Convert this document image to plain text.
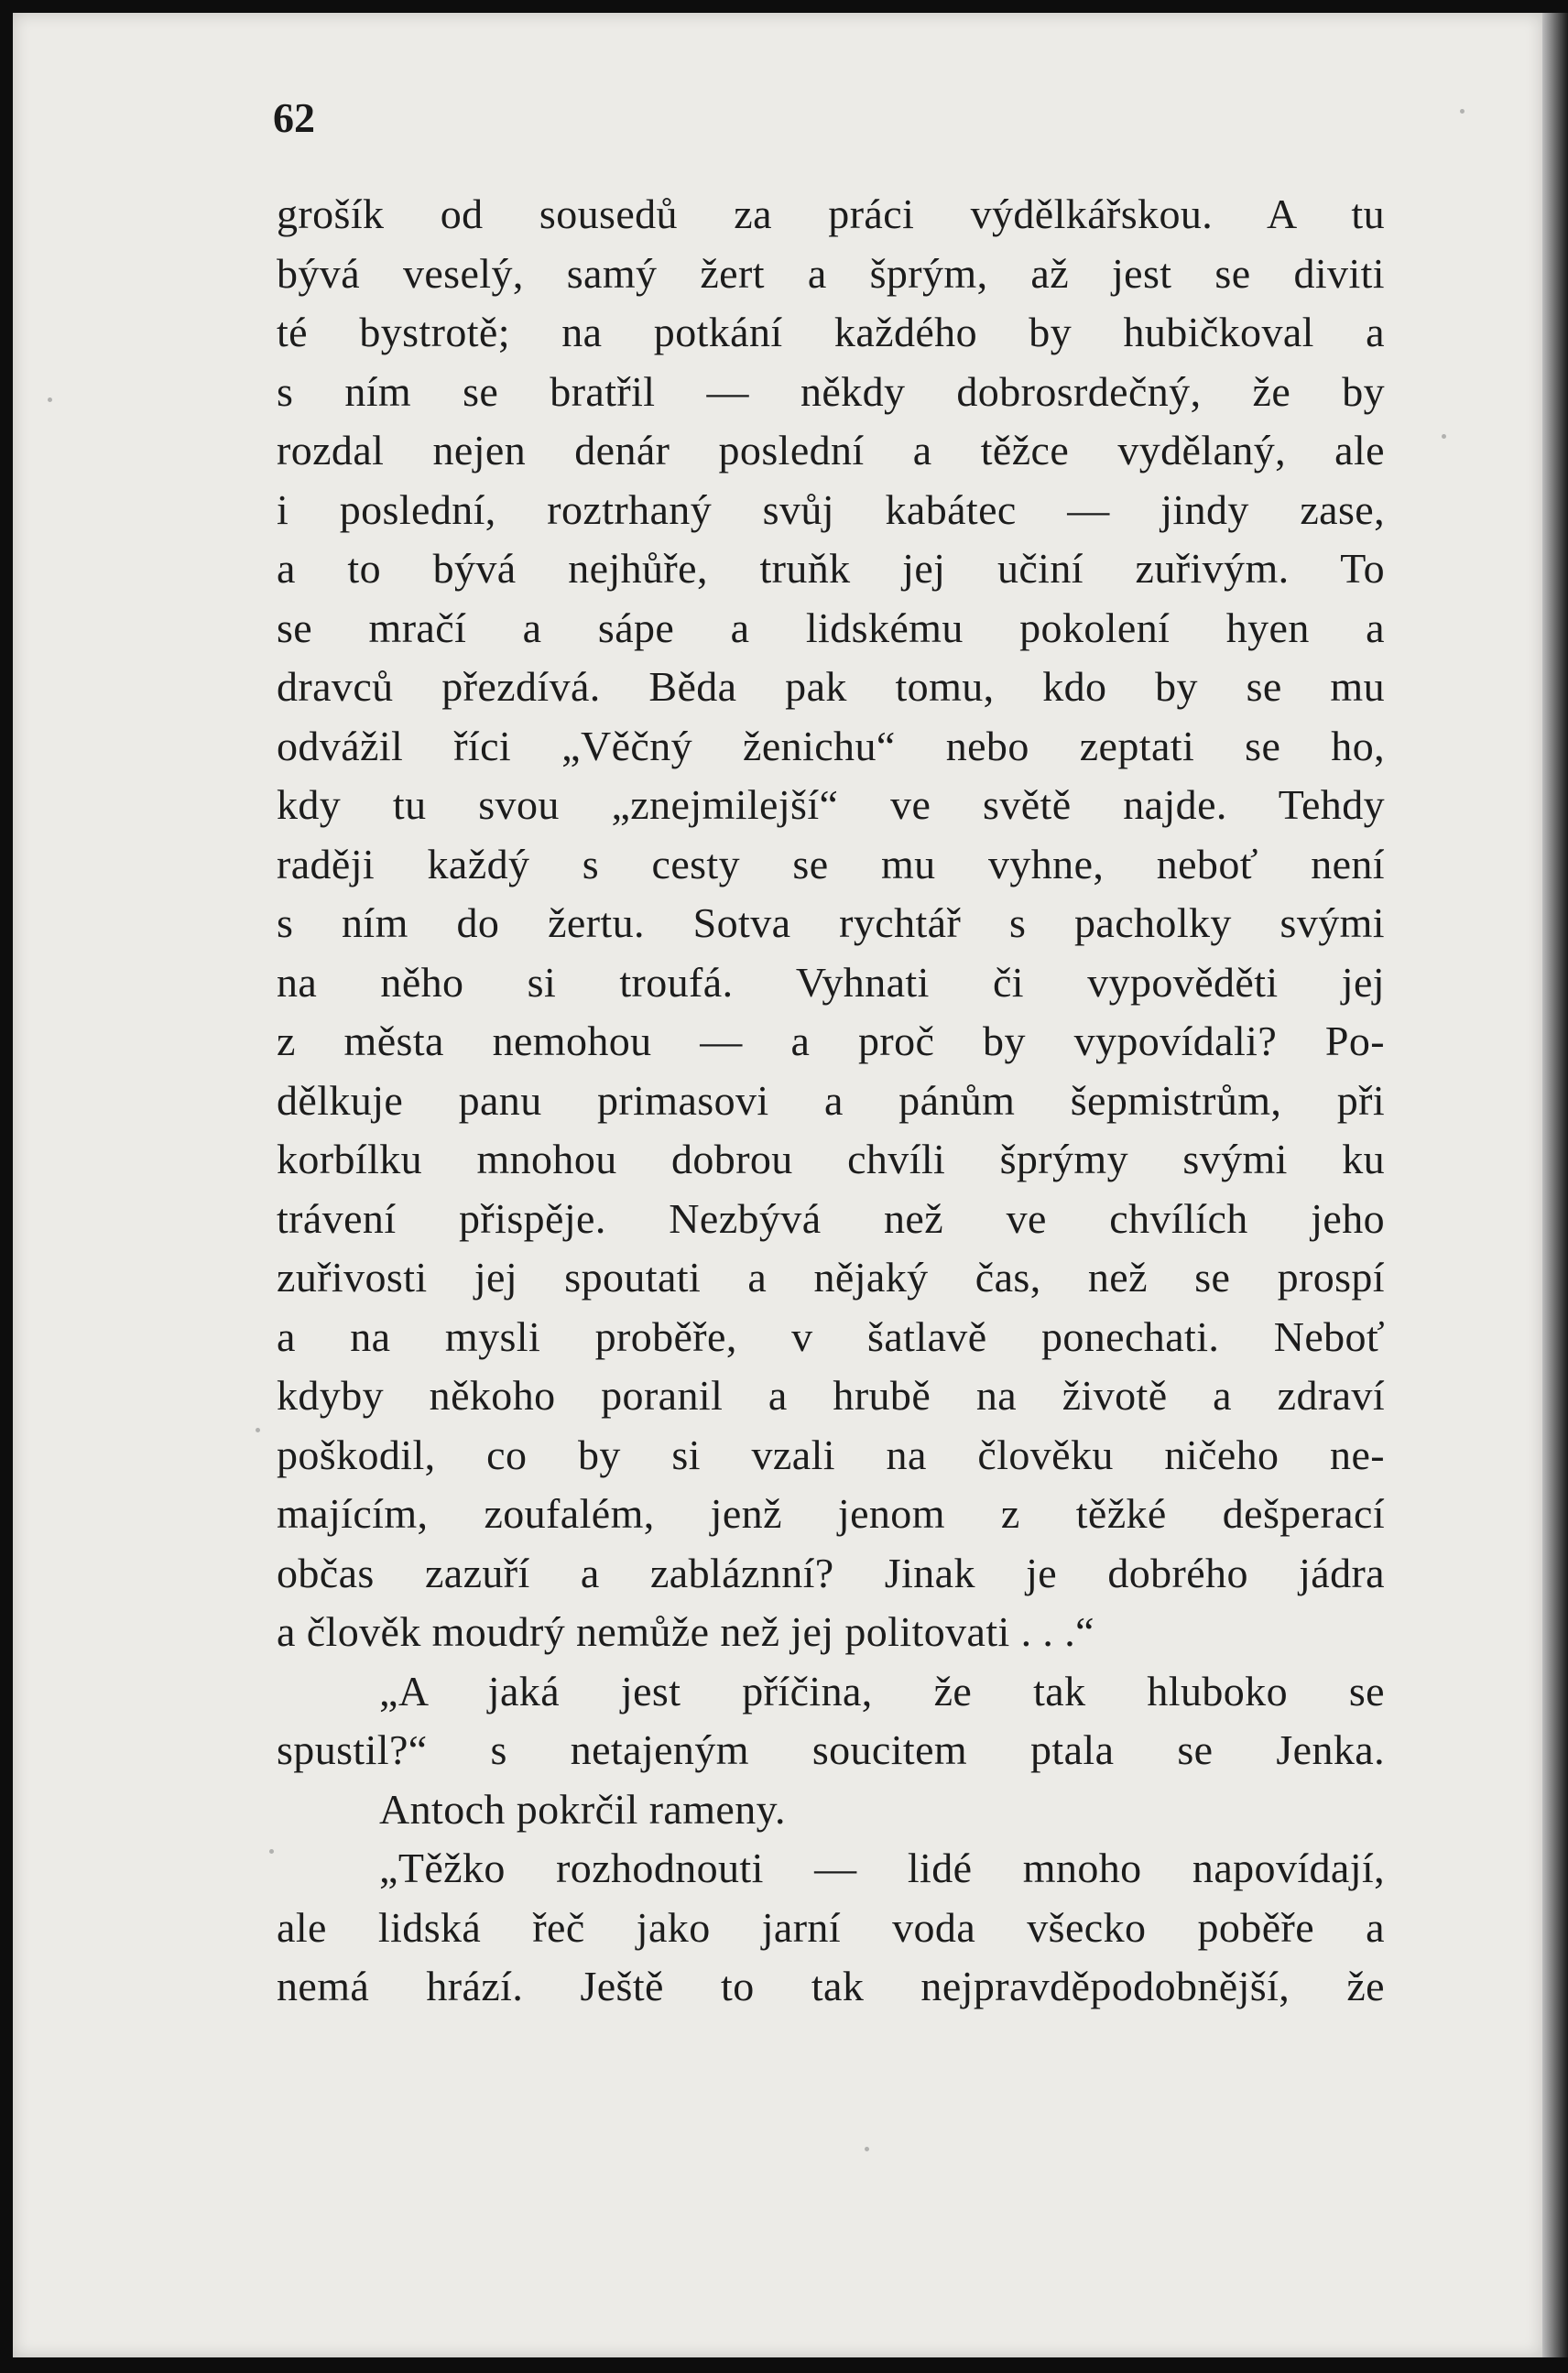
62

grošík od sousedů za práci výdělkářskou. A tu
bývá veselý, samý žert a šprým, až jest se diviti
té bystrotě; na potkání každého by hubičkoval a
s ním se bratřil — někdy dobrosrdečný, že by
rozdal nejen denár poslední a těžce vydělaný, ale
i poslední, roztrhaný svůj kabátec — jindy zase,
a to bývá nejhůře, truňk jej učiní zuřivým. To
se mračí a sápe a lidskému pokolení hyen a
dravců přezdívá. Běda pak tomu, kdo by se mu
odvážil říci „Věčný ženichu“ nebo zeptati se ho,
kdy tu svou „znejmilejší“ ve světě najde. Tehdy
raději každý s cesty se mu vyhne, neboť není
s ním do žertu. Sotva rychtář s pacholky svými
na něho si troufá. Vyhnati či vypověděti jej
z města nemohou — a proč by vypovídali? Po-
dělkuje panu primasovi a pánům šepmistrům, při
korbílku mnohou dobrou chvíli šprýmy svými ku
trávení přispěje. Nezbývá než ve chvílích jeho
zuřivosti jej spoutati a nějaký čas, než se prospí
a na mysli proběře, v šatlavě ponechati. Neboť
kdyby někoho poranil a hrubě na životě a zdraví
poškodil, co by si vzali na člověku ničeho ne-
majícím, zoufalém, jenž jenom z těžké dešperací
občas zazuří a zabláznní? Jinak je dobrého jádra
a člověk moudrý nemůže než jej politovati . . .“
„A jaká jest příčina, že tak hluboko se
spustil?“ s netajeným soucitem ptala se Jenka.
Antoch pokrčil rameny.
„Těžko rozhodnouti — lidé mnoho napovídají,
ale lidská řeč jako jarní voda všecko poběře a
nemá hrází. Ještě to tak nejpravděpodobnější, že
